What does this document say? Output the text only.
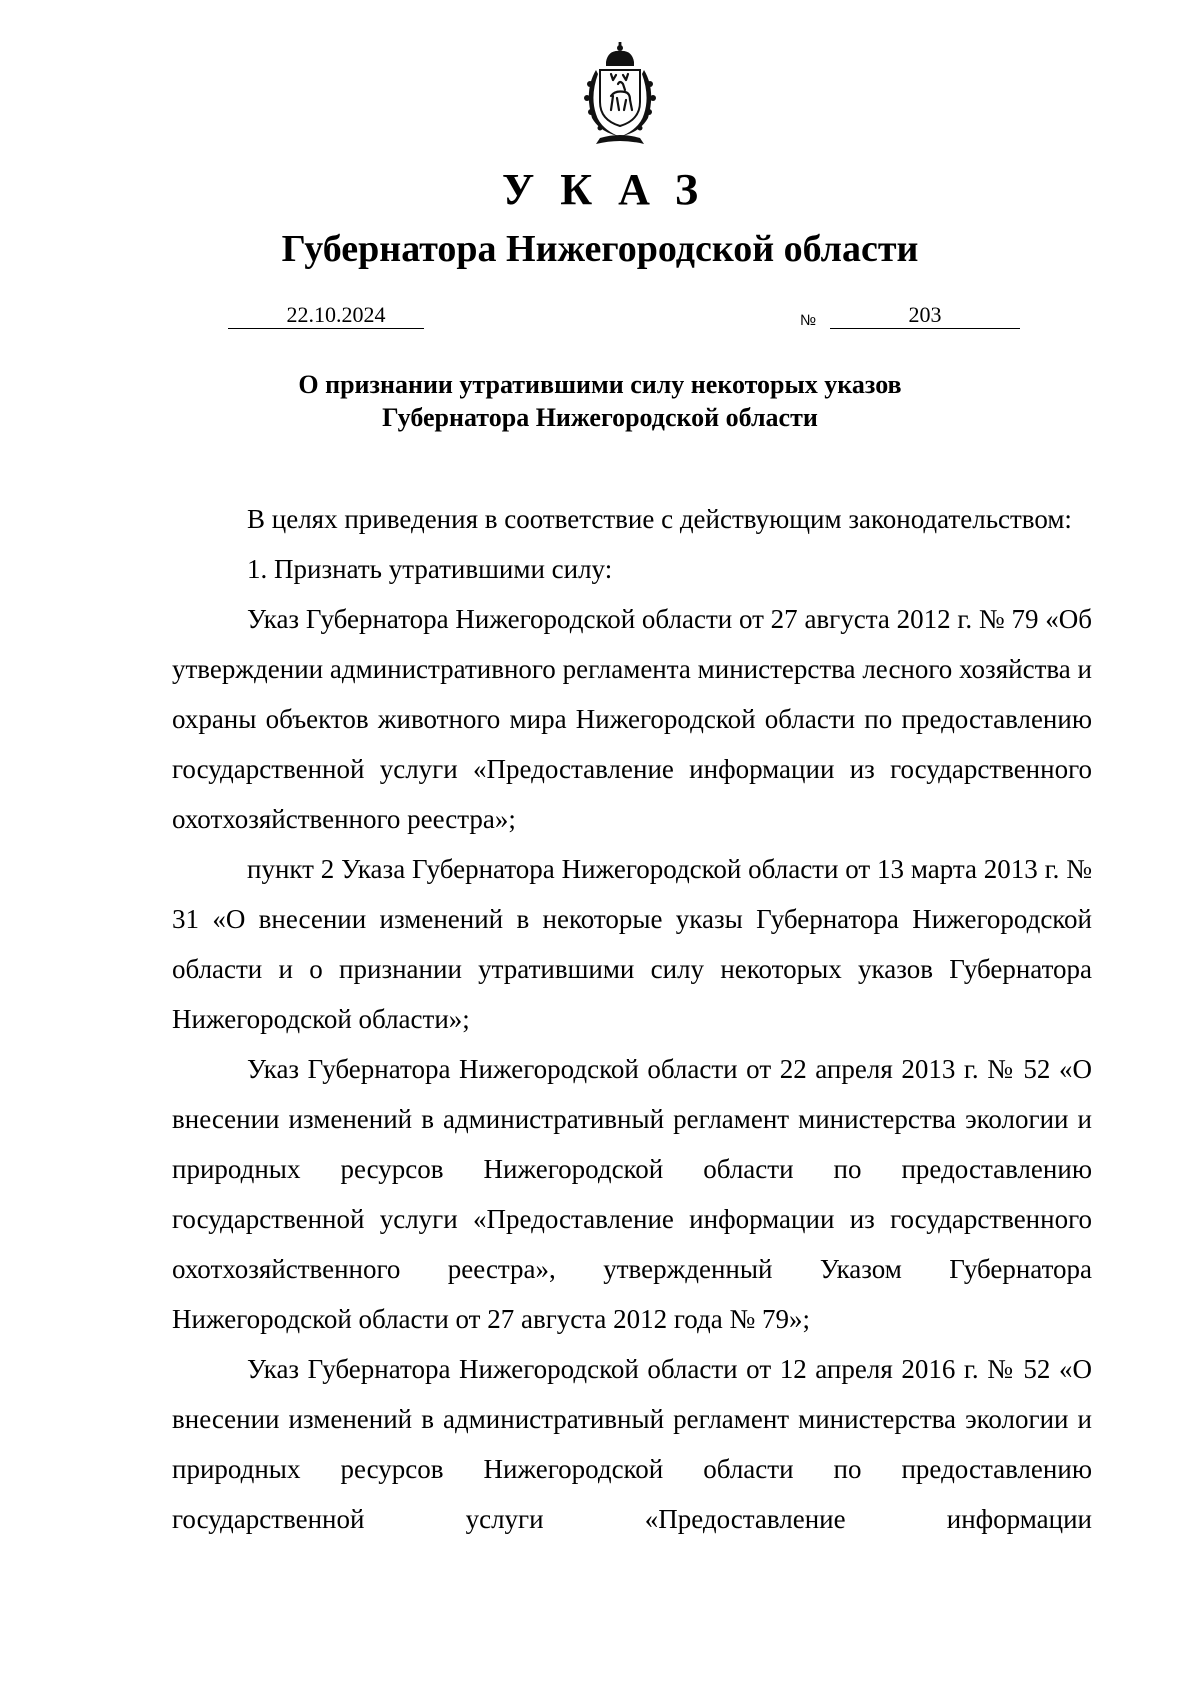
УКАЗ
Губернатора Нижегородской области
22.10.2024	№	203
О признании утратившими силу некоторых указов
Губернатора Нижегородской области

В целях приведения в соответствие с действующим законодательством:

1. Признать утратившими силу:

Указ Губернатора Нижегородской области от 27 августа 2012 г. № 79 «Об утверждении административного регламента министерства лесного хозяйства и охраны объектов животного мира Нижегородской области по предоставлению государственной услуги «Предоставление информации из государственного охотхозяйственного реестра»;

пункт 2 Указа Губернатора Нижегородской области от 13 марта 2013 г. № 31 «О внесении изменений в некоторые указы Губернатора Нижегородской области и о признании утратившими силу некоторых указов Губернатора Нижегородской области»;

Указ Губернатора Нижегородской области от 22 апреля 2013 г. № 52 «О внесении изменений в административный регламент министерства экологии и природных ресурсов Нижегородской области по предоставлению государственной услуги «Предоставление информации из государственного охотхозяйственного реестра», утвержденный Указом Губернатора Нижегородской области от 27 августа 2012 года № 79»;

Указ Губернатора Нижегородской области от 12 апреля 2016 г. № 52 «О внесении изменений в административный регламент министерства экологии и природных ресурсов Нижегородской области по предоставлению государственной услуги «Предоставление информации
